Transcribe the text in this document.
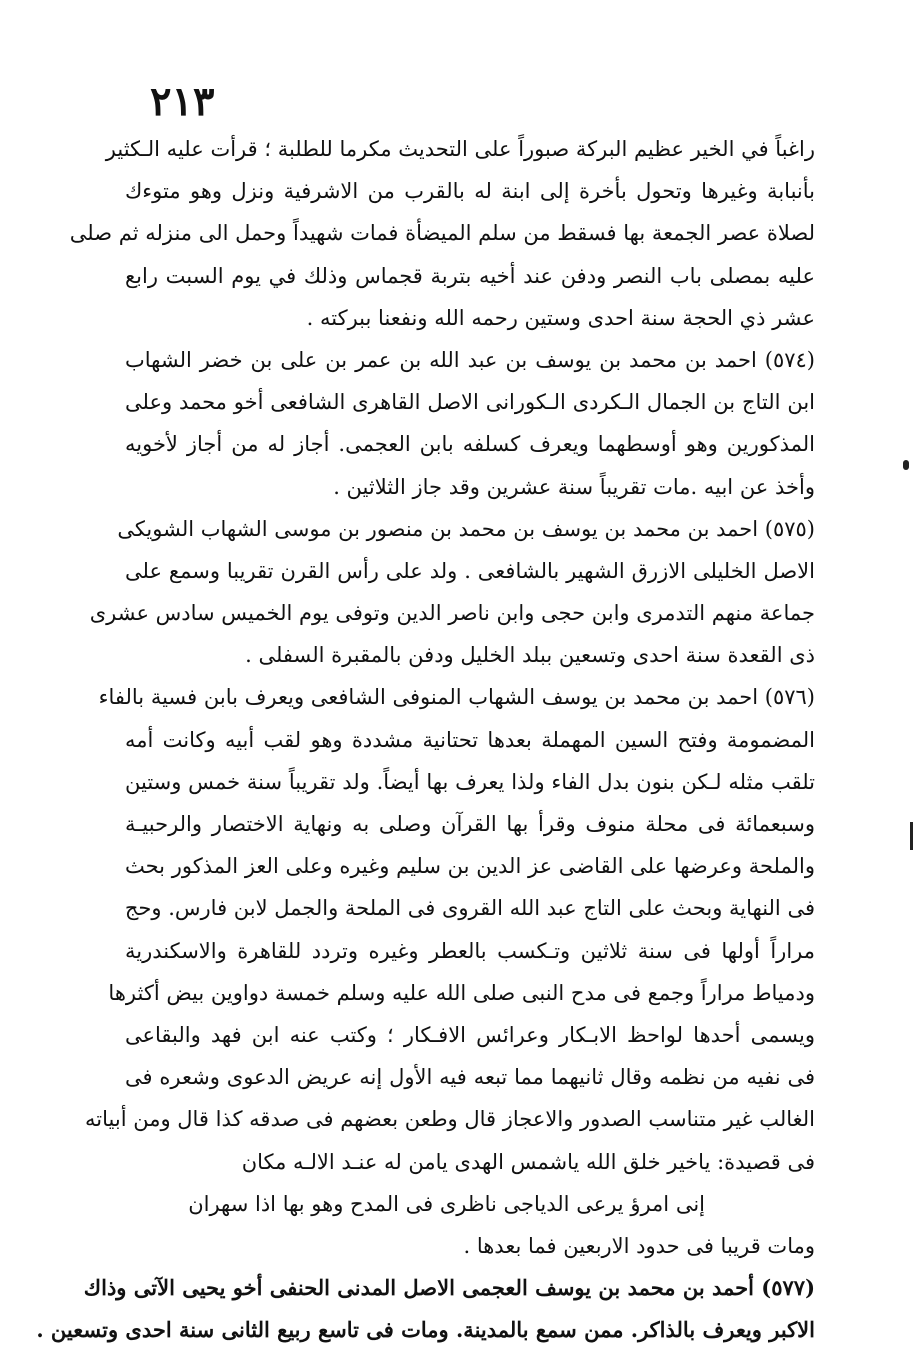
٢١٣
راغباً في الخير عظيم البركة صبوراً على التحديث مكرما للطلبة ؛ قرأت عليه الـكثير
بأنبابة وغيرها وتحول بأخرة إلى ابنة له بالقرب من الاشرفية ونزل وهو متوءك
لصلاة عصر الجمعة بها فسقط من سلم الميضأة فمات شهيداً وحمل الى منزله ثم صلى
عليه بمصلى باب النصر ودفن عند أخيه بتربة قجماس وذلك في يوم السبت رابع
عشر ذي الحجة سنة احدى وستين رحمه الله ونفعنا ببركته .
(٥٧٤) احمد بن محمد بن يوسف بن عبد الله بن عمر بن على بن خضر الشهاب
ابن التاج بن الجمال الـكردى الـكورانى الاصل القاهرى الشافعى أخو محمد وعلى
المذكورين وهو أوسطهما ويعرف كسلفه بابن العجمى. أجاز له من أجاز لأخويه
وأخذ عن ابيه .مات تقريباً سنة عشرين وقد جاز الثلاثين .
(٥٧٥) احمد بن محمد بن يوسف بن محمد بن منصور بن موسى الشهاب الشويكى
الاصل الخليلى الازرق الشهير بالشافعى . ولد على رأس القرن تقريبا وسمع على
جماعة منهم التدمرى وابن حجى وابن ناصر الدين وتوفى يوم الخميس سادس عشرى
ذى القعدة سنة احدى وتسعين ببلد الخليل ودفن بالمقبرة السفلى .
(٥٧٦) احمد بن محمد بن يوسف الشهاب المنوفى الشافعى ويعرف بابن فسية بالفاء
المضمومة وفتح السين المهملة بعدها تحتانية مشددة وهو لقب أبيه وكانت أمه
تلقب مثله لـكن بنون بدل الفاء ولذا يعرف بها أيضاً. ولد تقريباً سنة خمس وستين
وسبعمائة فى محلة منوف وقرأ بها القرآن وصلى به ونهاية الاختصار والرحبيـة
والملحة وعرضها على القاضى عز الدين بن سليم وغيره وعلى العز المذكور بحث
فى النهاية وبحث على التاج عبد الله القروى فى الملحة والجمل لابن فارس. وحج
مراراً أولها فى سنة ثلاثين وتـكسب بالعطر وغيره وتردد للقاهرة والاسكندرية
ودمياط مراراً وجمع فى مدح النبى صلى الله عليه وسلم خمسة دواوين بيض أكثرها
ويسمى أحدها لواحظ الابـكار وعرائس الافـكار ؛ وكتب عنه ابن فهد والبقاعى
فى نفيه من نظمه وقال ثانيهما مما تبعه فيه الأول إنه عريض الدعوى وشعره فى
الغالب غير متناسب الصدور والاعجاز قال وطعن بعضهم فى صدقه كذا قال ومن أبياته
فى قصيدة: ياخير خلق الله ياشمس الهدى يامن له عنـد الالـه مكان
إنى امرؤ يرعى الدياجى ناظرى فى المدح وهو بها اذا سهران
ومات قريبا فى حدود الاربعين فما بعدها .
(٥٧٧) أحمد بن محمد بن يوسف العجمى الاصل المدنى الحنفى أخو يحيى الآتى وذاك
الاكبر ويعرف بالذاكر. ممن سمع بالمدينة. ومات فى تاسع ربيع الثانى سنة احدى وتسعين .
